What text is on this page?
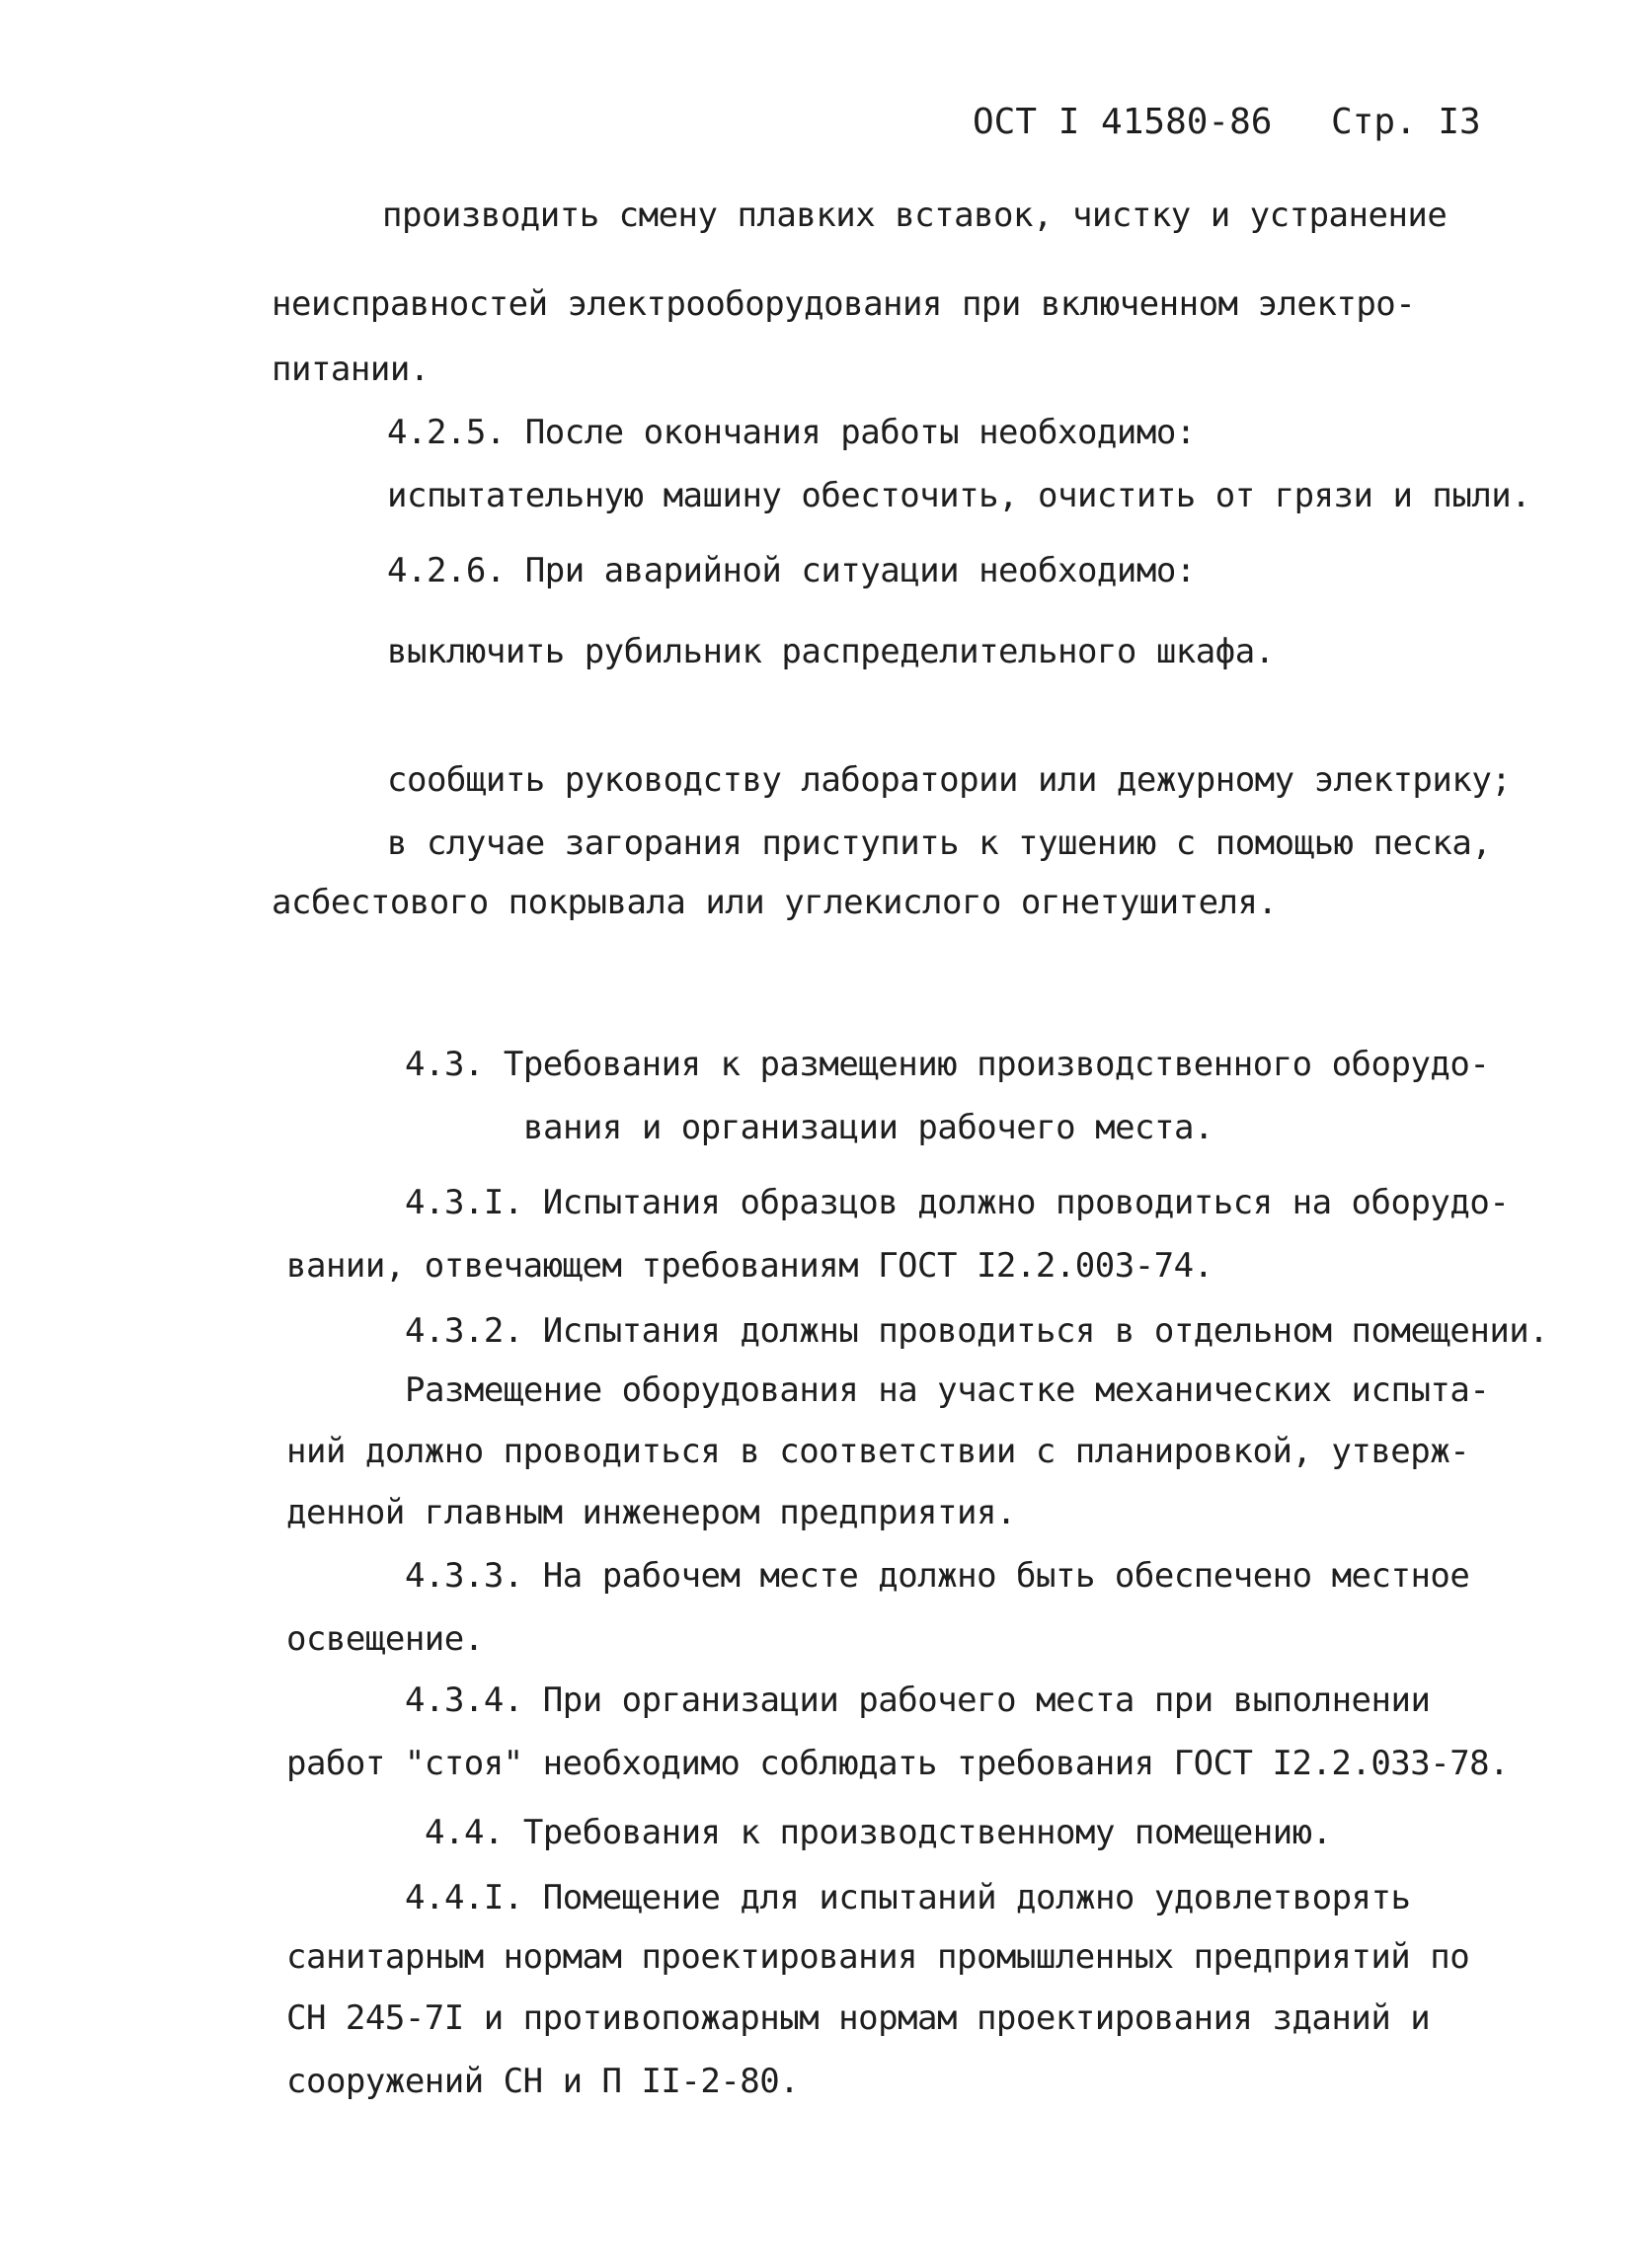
ОСТ I 41580-86 Стр. I3
производить смену плавких вставок, чистку и устранение
неисправностей электрооборудования при включенном электро-
питании.
4.2.5. После окончания работы необходимо:
испытательную машину обесточить, очистить от грязи и пыли.
4.2.6. При аварийной ситуации необходимо:
выключить рубильник распределительного шкафа.
сообщить руководству лаборатории или дежурному электрику;
в случае загорания приступить к тушению с помощью песка,
асбестового покрывала или углекислого огнетушителя.
4.3. Требования к размещению производственного оборудо-
вания и организации рабочего места.
4.3.I. Испытания образцов должно проводиться на оборудо-
вании, отвечающем требованиям ГОСТ I2.2.003-74.
4.3.2. Испытания должны проводиться в отдельном помещении.
Размещение оборудования на участке механических испыта-
ний должно проводиться в соответствии с планировкой, утверж-
денной главным инженером предприятия.
4.3.3. На рабочем месте должно быть обеспечено местное
освещение.
4.3.4. При организации рабочего места при выполнении
работ "стоя" необходимо соблюдать требования ГОСТ I2.2.033-78.
4.4. Требования к производственному помещению.
4.4.I. Помещение для испытаний должно удовлетворять
санитарным нормам проектирования промышленных предприятий по
СН 245-7I и противопожарным нормам проектирования зданий и
сооружений СН и П II-2-80.
